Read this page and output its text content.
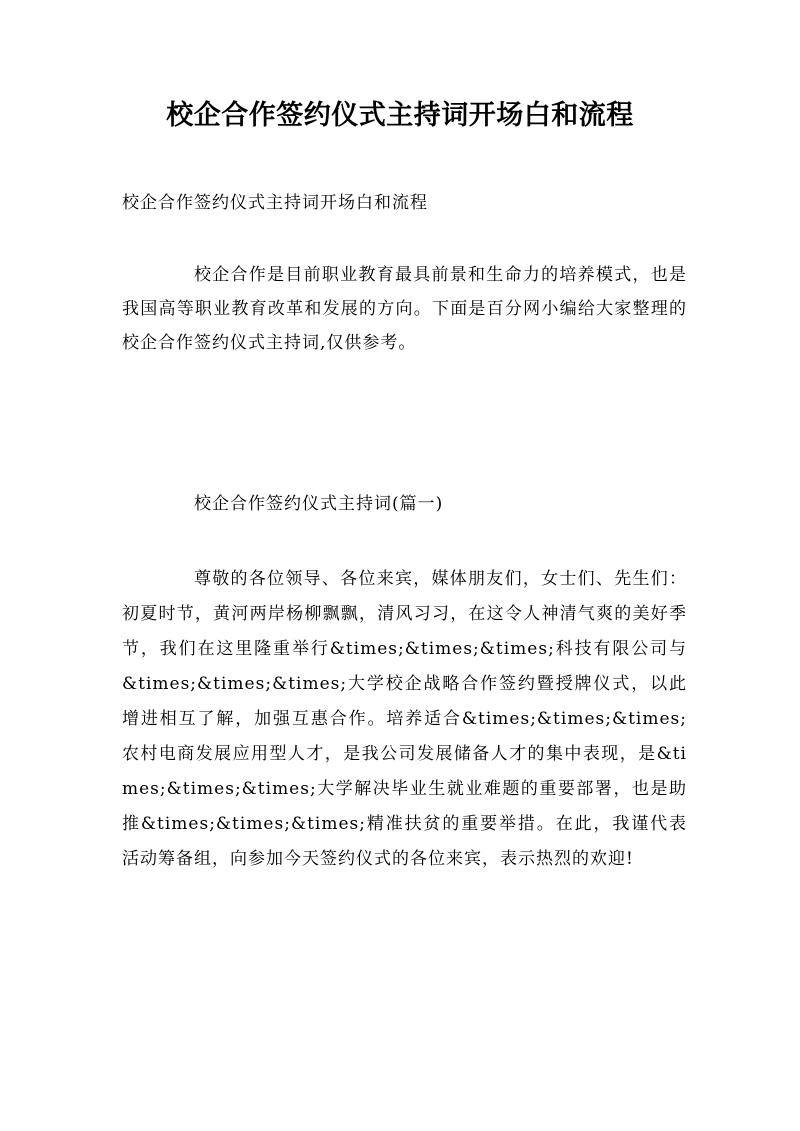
校企合作签约仪式主持词开场白和流程

校企合作签约仪式主持词开场白和流程

校企合作是目前职业教育最具前景和生命力的培养模式，也是我国高等职业教育改革和发展的方向。下面是百分网小编给大家整理的校企合作签约仪式主持词,仅供参考。

校企合作签约仪式主持词(篇一)

尊敬的各位领导、各位来宾，媒体朋友们，女士们、先生们： 初夏时节，黄河两岸杨柳飘飘，清风习习，在这令人神清气爽的美好季节，我们在这里隆重举行&times;&times;&times;科技有限公司与&times;&times;&times;大学校企战略合作签约暨授牌仪式，以此增进相互了解，加强互惠合作。培养适合&times;&times;&times;农村电商发展应用型人才，是我公司发展储备人才的集中表现，是&times;&times;&times;大学解决毕业生就业难题的重要部署，也是助推&times;&times;&times;精准扶贫的重要举措。在此，我谨代表活动筹备组，向参加今天签约仪式的各位来宾，表示热烈的欢迎!
